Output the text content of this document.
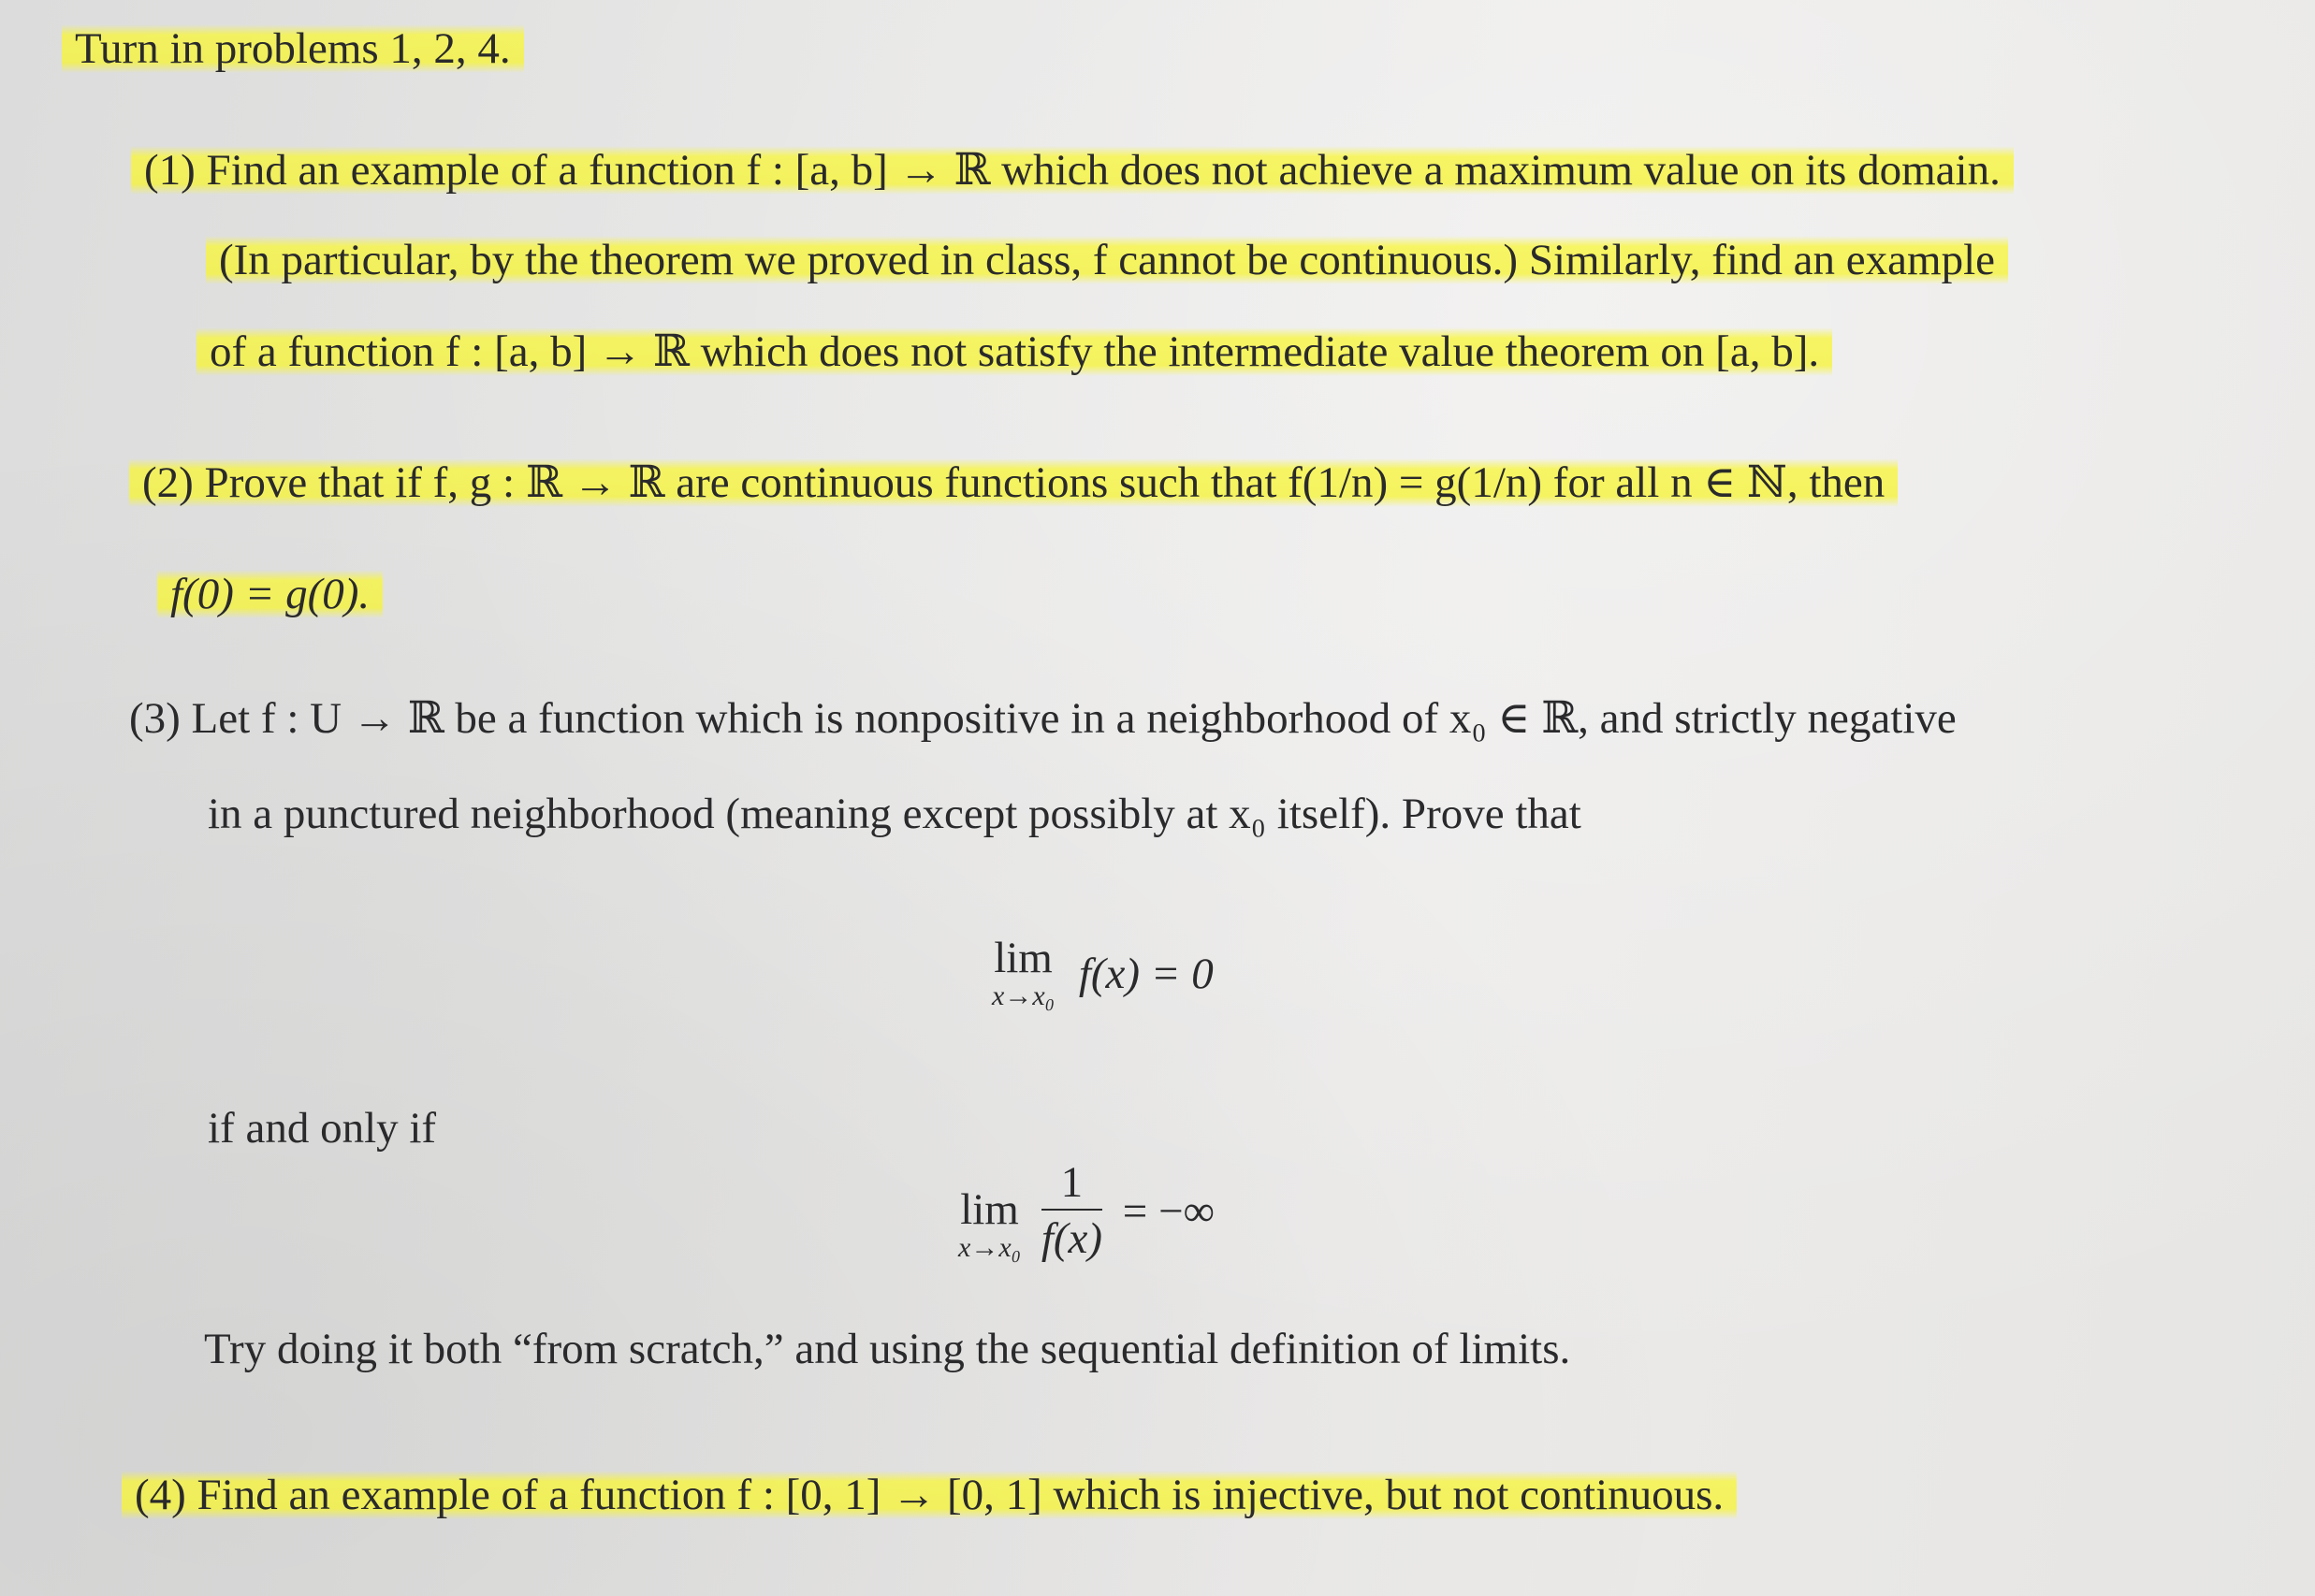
Turn in problems 1, 2, 4.
(1) Find an example of a function f : [a, b] → ℝ which does not achieve a maximum value on its domain.
(In particular, by the theorem we proved in class, f cannot be continuous.) Similarly, find an example
of a function f : [a, b] → ℝ which does not satisfy the intermediate value theorem on [a, b].
(2) Prove that if f, g : ℝ → ℝ are continuous functions such that f(1/n) = g(1/n) for all n ∈ ℕ, then
f(0) = g(0).
(3) Let f : U → ℝ be a function which is nonpositive in a neighborhood of x₀ ∈ ℝ, and strictly negative
in a punctured neighborhood (meaning except possibly at x₀ itself). Prove that
lim
x→x₀ f(x) = 0
if and only if
lim
x→x₀
$\frac{1}{f(x)}$ = −∞
Try doing it both “from scratch,” and using the sequential definition of limits.
(4) Find an example of a function f : [0, 1] → [0, 1] which is injective, but not continuous.
